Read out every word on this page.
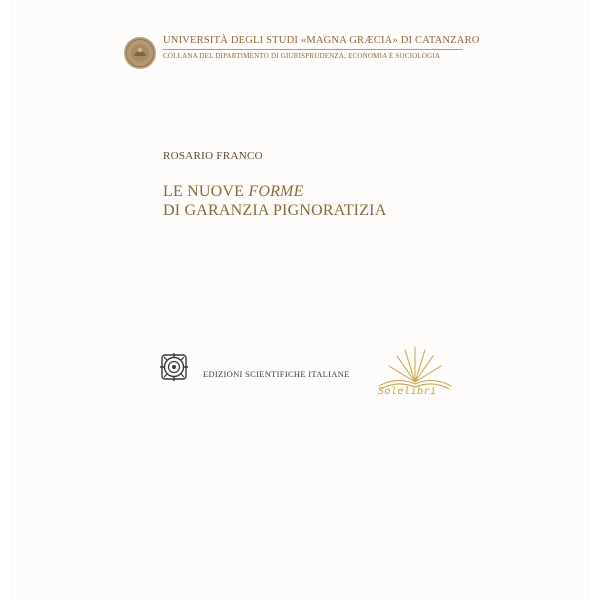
UNIVERSITÀ DEGLI STUDI «MAGNA GRÆCIA» DI CATANZARO
COLLANA DEL DIPARTIMENTO DI GIURISPRUDENZA, ECONOMIA E SOCIOLOGIA
ROSARIO FRANCO
LE NUOVE FORME
DI GARANZIA PIGNORATIZIA
EDIZIONI SCIENTIFICHE ITALIANE
Solelibri
